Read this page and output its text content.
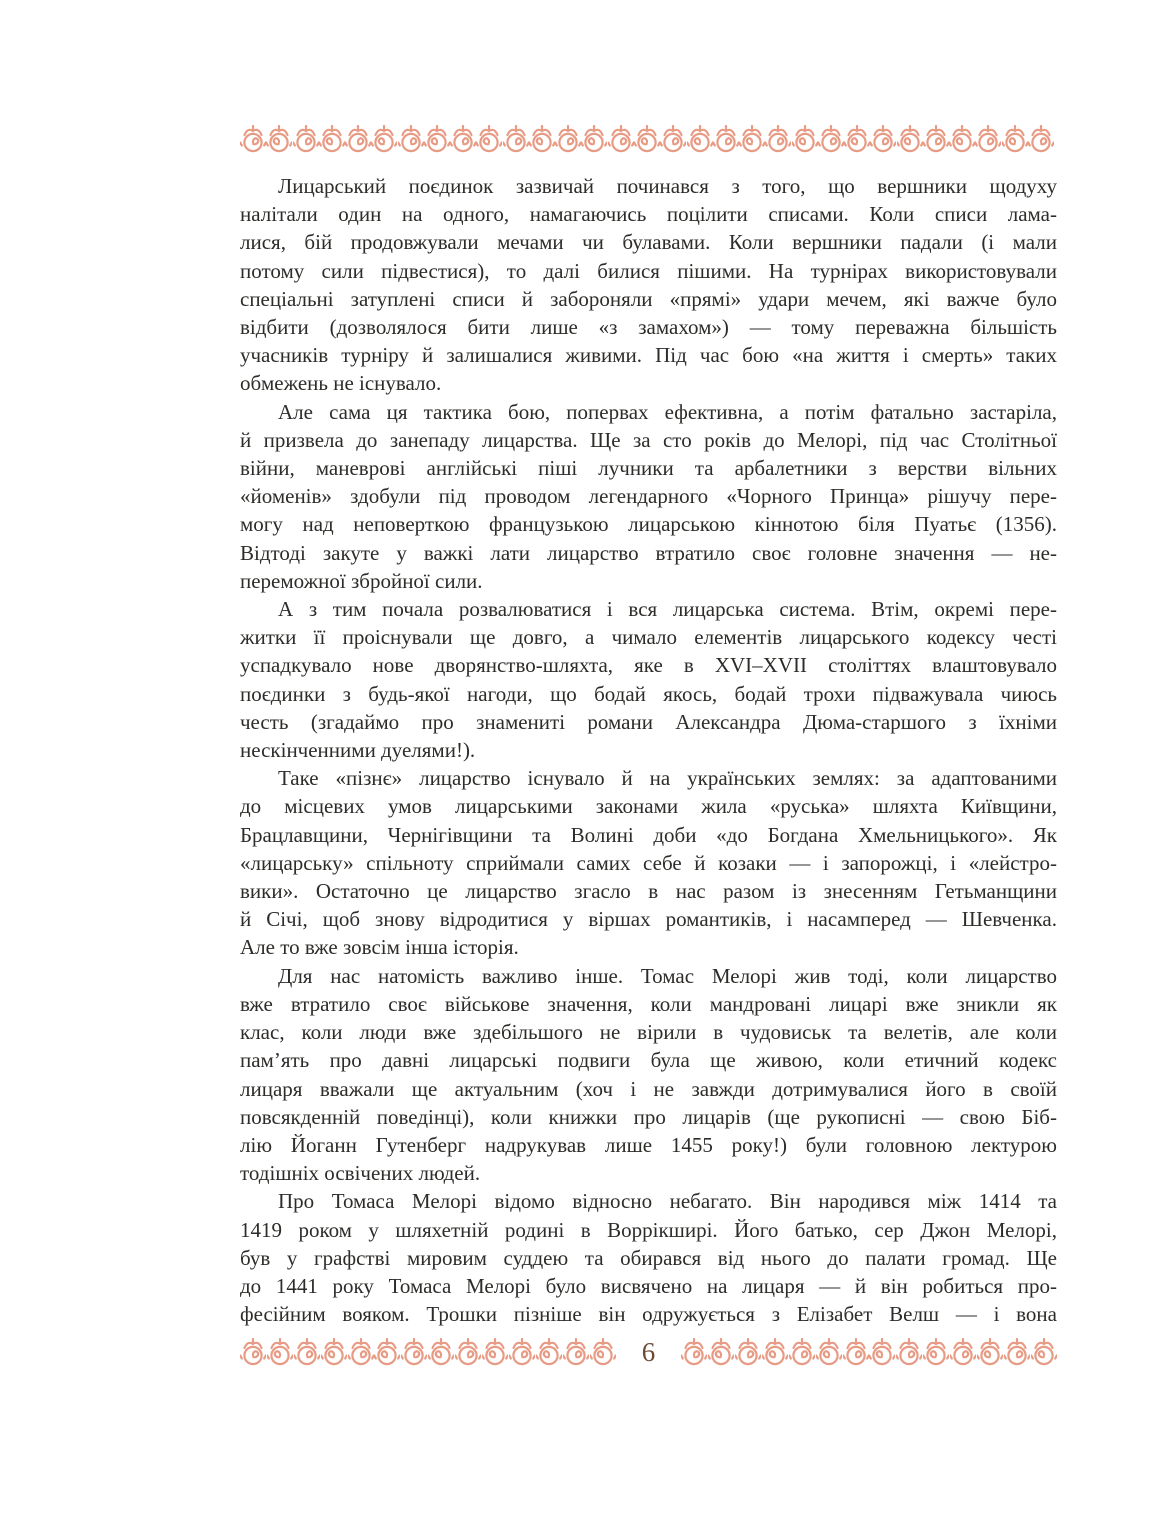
Лицарський поєдинок зазвичай починався з того, що вершники щодуху
налітали один на одного, намагаючись поцілити списами. Коли списи лама-
лися, бій продовжували мечами чи булавами. Коли вершники падали (і мали
потому сили підвестися), то далі билися пішими. На турнірах використовували
спеціальні затуплені списи й забороняли «прямі» удари мечем, які важче було
відбити (дозволялося бити лише «з замахом») — тому переважна більшість
учасників турніру й залишалися живими. Під час бою «на життя і смерть» таких
обмежень не існувало.
Але сама ця тактика бою, попервах ефективна, а потім фатально застаріла,
й призвела до занепаду лицарства. Ще за сто років до Мелорі, під час Столітньої
війни, маневрові англійські піші лучники та арбалетники з верстви вільних
«йоменів» здобули під проводом легендарного «Чорного Принца» рішучу пере-
могу над неповерткою французькою лицарською кіннотою біля Пуатьє (1356).
Відтоді закуте у важкі лати лицарство втратило своє головне значення — не-
переможної збройної сили.
А з тим почала розвалюватися і вся лицарська система. Втім, окремі пере-
житки її проіснували ще довго, а чимало елементів лицарського кодексу честі
успадкувало нове дворянство-шляхта, яке в XVI–XVII століттях влаштовувало
поєдинки з будь-якої нагоди, що бодай якось, бодай трохи підважувала чиюсь
честь (згадаймо про знамениті романи Александра Дюма-старшого з їхніми
нескінченними дуелями!).
Таке «пізнє» лицарство існувало й на українських землях: за адаптованими
до місцевих умов лицарськими законами жила «руська» шляхта Київщини,
Брацлавщини, Чернігівщини та Волині доби «до Богдана Хмельницького». Як
«лицарську» спільноту сприймали самих себе й козаки — і запорожці, і «лейстро-
вики». Остаточно це лицарство згасло в нас разом із знесенням Гетьманщини
й Січі, щоб знову відродитися у віршах романтиків, і насамперед — Шевченка.
Але то вже зовсім інша історія.
Для нас натомість важливо інше. Томас Мелорі жив тоді, коли лицарство
вже втратило своє військове значення, коли мандровані лицарі вже зникли як
клас, коли люди вже здебільшого не вірили в чудовиськ та велетів, але коли
пам’ять про давні лицарські подвиги була ще живою, коли етичний кодекс
лицаря вважали ще актуальним (хоч і не завжди дотримувалися його в своїй
повсякденній поведінці), коли книжки про лицарів (ще рукописні — свою Біб-
лію Йоганн Гутенберг надрукував лише 1455 року!) були головною лектурою
тодішніх освічених людей.
Про Томаса Мелорі відомо відносно небагато. Він народився між 1414 та
1419 роком у шляхетній родині в Воррікширі. Його батько, сер Джон Мелорі,
був у графстві мировим суддею та обирався від нього до палати громад. Ще
до 1441 року Томаса Мелорі було висвячено на лицаря — й він робиться про-
фесійним вояком. Трошки пізніше він одружується з Елізабет Велш — і вона
6
